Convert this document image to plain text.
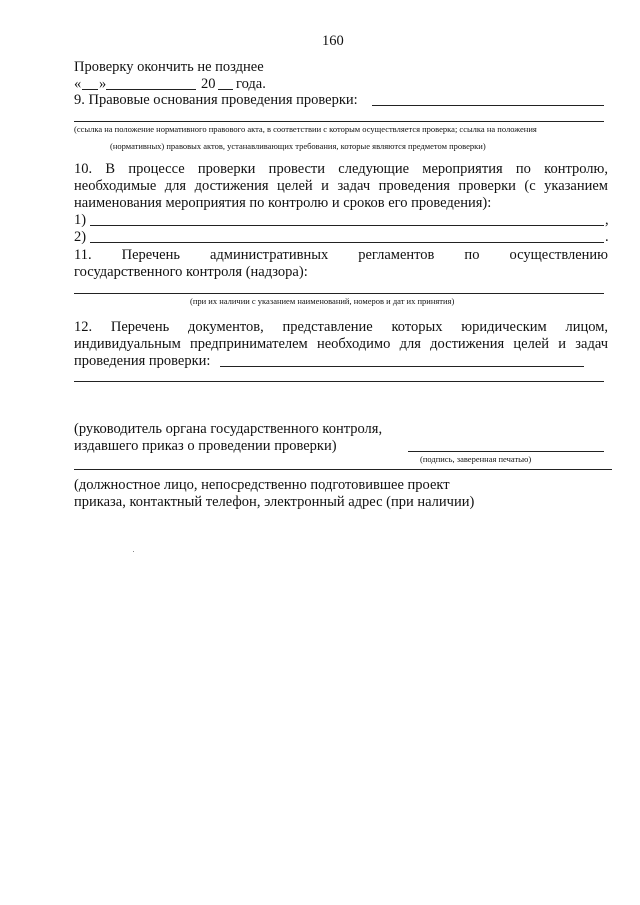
160
Проверку окончить не позднее
« »	20 года.
9. Правовые основания проведения проверки:
(ссылка на положение нормативного правового акта, в соответствии с которым осуществляется проверка; ссылка на положения
(нормативных) правовых актов, устанавливающих требования, которые являются предметом проверки)
10. В процессе проверки провести следующие мероприятия по контролю,
необходимые для достижения целей и задач проведения проверки (с указанием
наименования мероприятия по контролю и сроков его проведения):
1)	,
2)	.
11. Перечень административных регламентов по осуществлению
государственного контроля (надзора):
(при их наличии с указанием наименований, номеров и дат их принятия)
12. Перечень документов, представление которых юридическим лицом,
индивидуальным предпринимателем необходимо для достижения целей и задач
проведения проверки:
(руководитель органа государственного контроля,
издавшего приказ о проведении проверки)
(подпись, заверенная печатью)
(должностное лицо, непосредственно подготовившее проект
приказа, контактный телефон, электронный адрес (при наличии)
